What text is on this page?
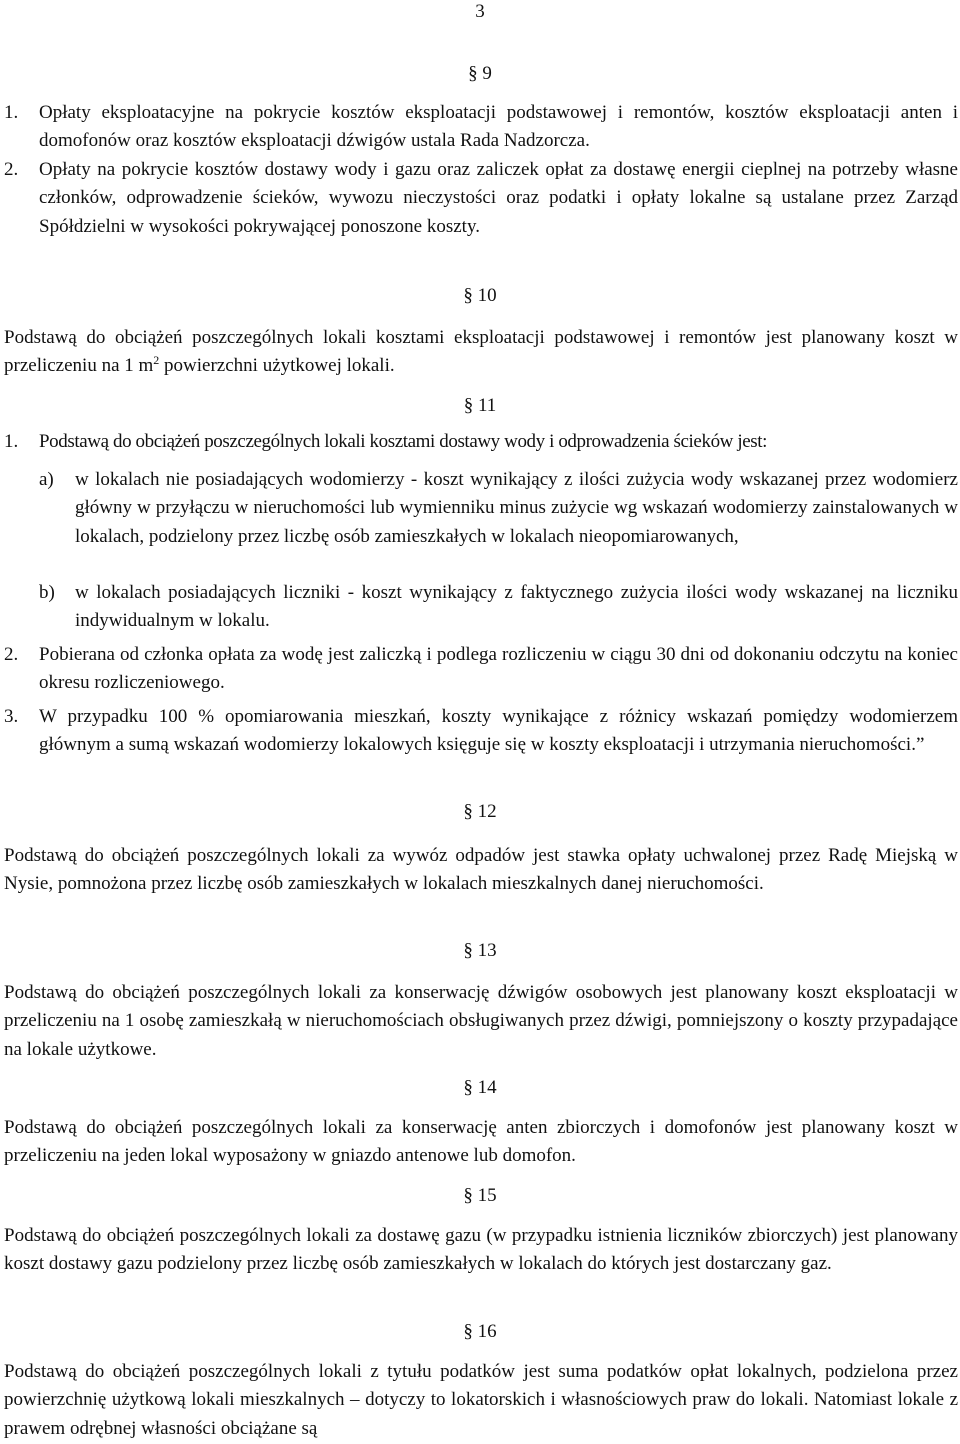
3
§ 9
1. Opłaty eksploatacyjne na pokrycie kosztów eksploatacji podstawowej i remontów, kosztów eksploatacji anten i domofonów oraz kosztów eksploatacji dźwigów ustala Rada Nadzorcza.
2. Opłaty na pokrycie kosztów dostawy wody i gazu oraz zaliczek opłat za dostawę energii cieplnej na potrzeby własne członków, odprowadzenie ścieków, wywozu nieczystości oraz podatki i opłaty lokalne są ustalane przez Zarząd Spółdzielni w wysokości pokrywającej ponoszone koszty.
§ 10
Podstawą do obciążeń poszczególnych lokali kosztami eksploatacji podstawowej i remontów jest planowany koszt w przeliczeniu na 1 $m^2$ powierzchni użytkowej lokali.
§ 11
1. Podstawą do obciążeń poszczególnych lokali kosztami dostawy wody i odprowadzenia ścieków jest:
a) w lokalach nie posiadających wodomierzy - koszt wynikający z ilości zużycia wody wskazanej przez wodomierz główny w przyłączu w nieruchomości lub wymienniku minus zużycie wg wskazań wodomierzy zainstalowanych w lokalach, podzielony przez liczbę osób zamieszkałych w lokalach nieopomiarowanych,
b) w lokalach posiadających liczniki - koszt wynikający z faktycznego zużycia ilości wody wskazanej na liczniku indywidualnym w lokalu.
2. Pobierana od członka opłata za wodę jest zaliczką i podlega rozliczeniu w ciągu 30 dni od dokonaniu odczytu na koniec okresu rozliczeniowego.
3. W przypadku 100 % opomiarowania mieszkań, koszty wynikające z różnicy wskazań pomiędzy wodomierzem głównym a sumą wskazań wodomierzy lokalowych księguje się w koszty eksploatacji i utrzymania nieruchomości.”
§ 12
Podstawą do obciążeń poszczególnych lokali za wywóz odpadów jest stawka opłaty uchwalonej przez Radę Miejską w Nysie, pomnożona przez liczbę osób zamieszkałych w lokalach mieszkalnych danej nieruchomości.
§ 13
Podstawą do obciążeń poszczególnych lokali za konserwację dźwigów osobowych jest planowany koszt eksploatacji w przeliczeniu na 1 osobę zamieszkałą w nieruchomościach obsługiwanych przez dźwigi, pomniejszony o koszty przypadające na lokale użytkowe.
§ 14
Podstawą do obciążeń poszczególnych lokali za konserwację anten zbiorczych i domofonów jest planowany koszt w przeliczeniu na jeden lokal wyposażony w gniazdo antenowe lub domofon.
§ 15
Podstawą do obciążeń poszczególnych lokali za dostawę gazu (w przypadku istnienia liczników zbiorczych) jest planowany koszt dostawy gazu podzielony przez liczbę osób zamieszkałych w lokalach do których jest dostarczany gaz.
§ 16
Podstawą do obciążeń poszczególnych lokali z tytułu podatków jest suma podatków opłat lokalnych, podzielona przez powierzchnię użytkową lokali mieszkalnych – dotyczy to lokatorskich i własnościowych praw do lokali. Natomiast lokale z prawem odrębnej własności obciążane są
